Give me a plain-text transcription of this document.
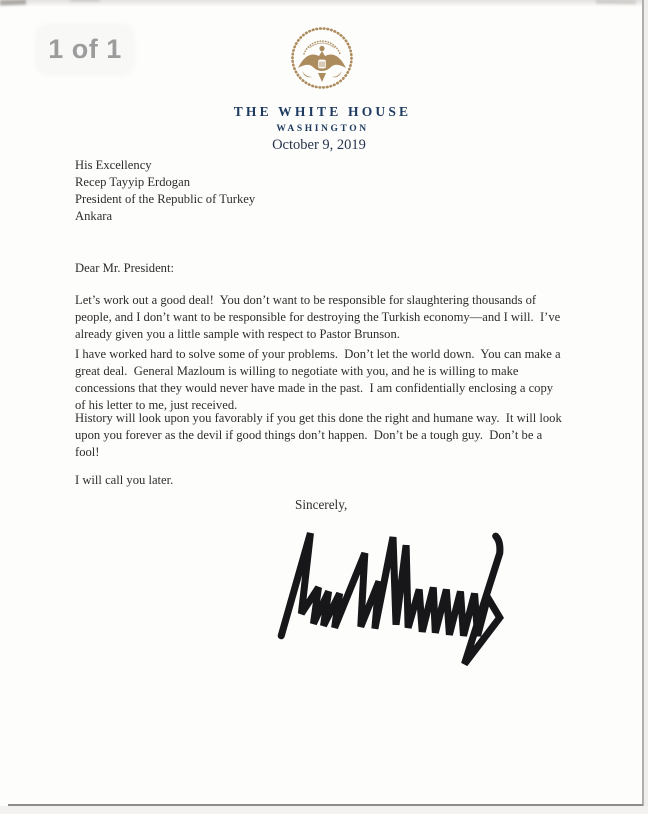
1 of 1
THE WHITE HOUSE
WASHINGTON
October 9, 2019
His Excellency
Recep Tayyip Erdogan
President of the Republic of Turkey
Ankara
Dear Mr. President:
Let’s work out a good deal!  You don’t want to be responsible for slaughtering thousands of
people, and I don’t want to be responsible for destroying the Turkish economy—and I will.  I’ve
already given you a little sample with respect to Pastor Brunson.
I have worked hard to solve some of your problems.  Don’t let the world down.  You can make a
great deal.  General Mazloum is willing to negotiate with you, and he is willing to make
concessions that they would never have made in the past.  I am confidentially enclosing a copy
of his letter to me, just received.
History will look upon you favorably if you get this done the right and humane way.  It will look
upon you forever as the devil if good things don’t happen.  Don’t be a tough guy.  Don’t be a
fool!
I will call you later.
Sincerely,
